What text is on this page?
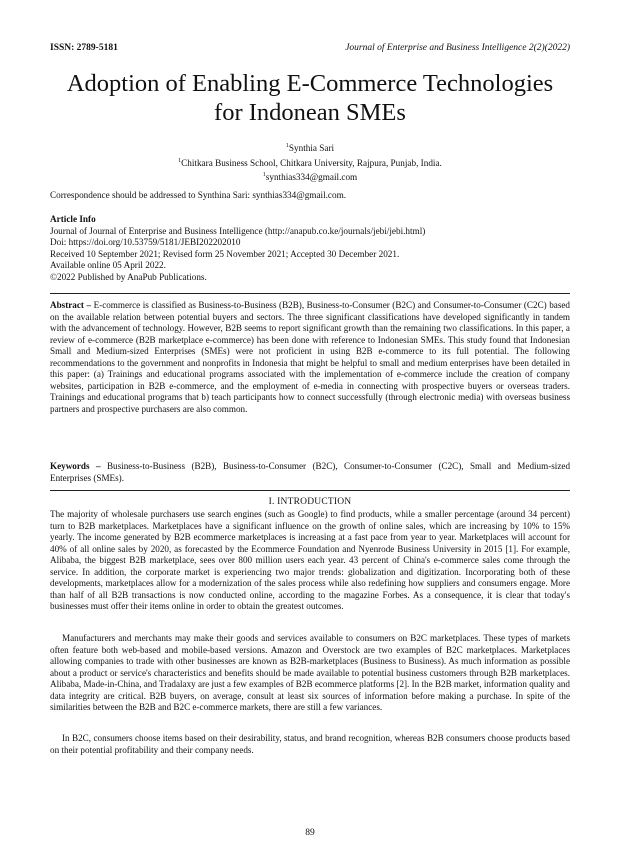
ISSN: 2789-5181	Journal of Enterprise and Business Intelligence 2(2)(2022)
Adoption of Enabling E-Commerce Technologies
for Indonean SMEs
$^1$Synthia Sari
$^1$Chitkara Business School, Chitkara University, Rajpura, Punjab, India.
$^1$synthias334@gmail.com
Correspondence should be addressed to Synthina Sari: synthias334@gmail.com.
Article Info
Journal of Journal of Enterprise and Business Intelligence (http://anapub.co.ke/journals/jebi/jebi.html)
Doi: https://doi.org/10.53759/5181/JEBI202202010
Received 10 September 2021; Revised form 25 November 2021; Accepted 30 December 2021.
Available online 05 April 2022.
©2022 Published by AnaPub Publications.
Abstract – E-commerce is classified as Business-to-Business (B2B), Business-to-Consumer (B2C) and Consumer-to-Consumer (C2C) based on the available relation between potential buyers and sectors. The three significant classifications have developed significantly in tandem with the advancement of technology. However, B2B seems to report significant growth than the remaining two classifications. In this paper, a review of e-commerce (B2B marketplace e-commerce) has been done with reference to Indonesian SMEs. This study found that Indonesian Small and Medium-sized Enterprises (SMEs) were not proficient in using B2B e-commerce to its full potential. The following recommendations to the government and nonprofits in Indonesia that might be helpful to small and medium enterprises have been detailed in this paper: (a) Trainings and educational programs associated with the implementation of e-commerce include the creation of company websites, participation in B2B e-commerce, and the employment of e-media in connecting with prospective buyers or overseas traders. Trainings and educational programs that b) teach participants how to connect successfully (through electronic media) with overseas business partners and prospective purchasers are also common.
Keywords – Business-to-Business (B2B), Business-to-Consumer (B2C), Consumer-to-Consumer (C2C), Small and Medium-sized Enterprises (SMEs).
I. INTRODUCTION
The majority of wholesale purchasers use search engines (such as Google) to find products, while a smaller percentage (around 34 percent) turn to B2B marketplaces. Marketplaces have a significant influence on the growth of online sales, which are increasing by 10% to 15% yearly. The income generated by B2B ecommerce marketplaces is increasing at a fast pace from year to year. Marketplaces will account for 40% of all online sales by 2020, as forecasted by the Ecommerce Foundation and Nyenrode Business University in 2015 [1]. For example, Alibaba, the biggest B2B marketplace, sees over 800 million users each year. 43 percent of China's e-commerce sales come through the service. In addition, the corporate market is experiencing two major trends: globalization and digitization. Incorporating both of these developments, marketplaces allow for a modernization of the sales process while also redefining how suppliers and consumers engage. More than half of all B2B transactions is now conducted online, according to the magazine Forbes. As a consequence, it is clear that today's businesses must offer their items online in order to obtain the greatest outcomes.
Manufacturers and merchants may make their goods and services available to consumers on B2C marketplaces. These types of markets often feature both web-based and mobile-based versions. Amazon and Overstock are two examples of B2C marketplaces. Marketplaces allowing companies to trade with other businesses are known as B2B-marketplaces (Business to Business). As much information as possible about a product or service's characteristics and benefits should be made available to potential business customers through B2B marketplaces. Alibaba, Made-in-China, and Tradalaxy are just a few examples of B2B ecommerce platforms [2]. In the B2B market, information quality and data integrity are critical. B2B buyers, on average, consult at least six sources of information before making a purchase. In spite of the similarities between the B2B and B2C e-commerce markets, there are still a few variances.
In B2C, consumers choose items based on their desirability, status, and brand recognition, whereas B2B consumers choose products based on their potential profitability and their company needs.
89
